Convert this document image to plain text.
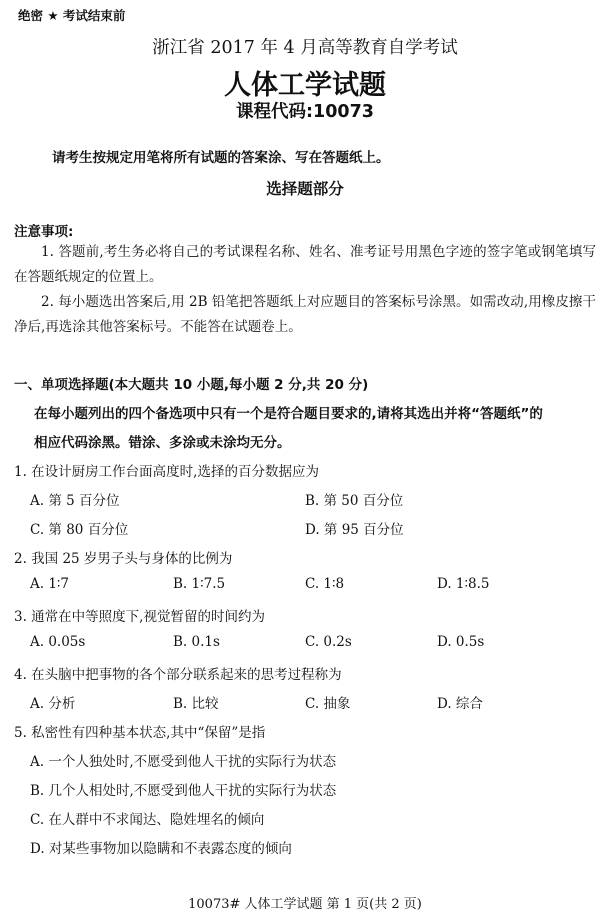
绝密 ★ 考试结束前
浙江省 2017 年 4 月高等教育自学考试
人体工学试题
课程代码:10073
请考生按规定用笔将所有试题的答案涂、写在答题纸上。
选择题部分
注意事项:
1. 答题前,考生务必将自己的考试课程名称、姓名、准考证号用黑色字迹的签字笔或钢笔填写在答题纸规定的位置上。
2. 每小题选出答案后,用 2B 铅笔把答题纸上对应题目的答案标号涂黑。如需改动,用橡皮擦干净后,再选涂其他答案标号。不能答在试题卷上。
一、单项选择题(本大题共 10 小题,每小题 2 分,共 20 分)
在每小题列出的四个备选项中只有一个是符合题目要求的,请将其选出并将“答题纸”的
相应代码涂黑。错涂、多涂或未涂均无分。
1. 在设计厨房工作台面高度时,选择的百分数据应为
A. 第 5 百分位	B. 第 50 百分位
C. 第 80 百分位	D. 第 95 百分位
2. 我国 25 岁男子头与身体的比例为
A. 1∶7	B. 1∶7.5	C. 1∶8	D. 1∶8.5
3. 通常在中等照度下,视觉暂留的时间约为
A. 0.05s	B. 0.1s	C. 0.2s	D. 0.5s
4. 在头脑中把事物的各个部分联系起来的思考过程称为
A. 分析	B. 比较	C. 抽象	D. 综合
5. 私密性有四种基本状态,其中“保留”是指
A. 一个人独处时,不愿受到他人干扰的实际行为状态
B. 几个人相处时,不愿受到他人干扰的实际行为状态
C. 在人群中不求闻达、隐姓埋名的倾向
D. 对某些事物加以隐瞒和不表露态度的倾向
10073# 人体工学试题 第 1 页(共 2 页)
